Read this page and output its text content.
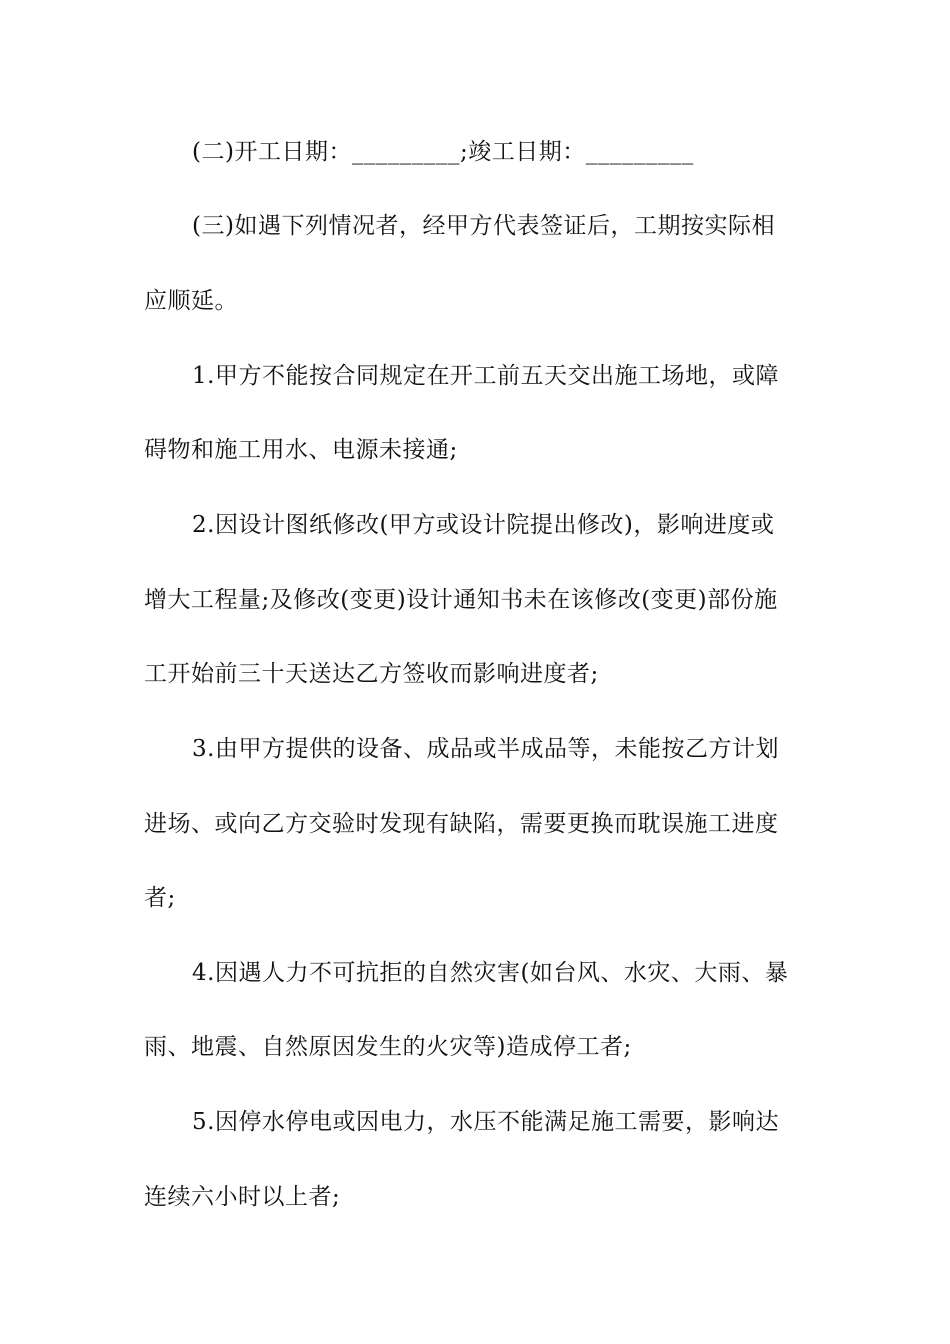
(二)开工日期：_________;竣工日期：_________
(三)如遇下列情况者，经甲方代表签证后，工期按实际相
应顺延。
1.甲方不能按合同规定在开工前五天交出施工场地，或障
碍物和施工用水、电源未接通;
2.因设计图纸修改(甲方或设计院提出修改)，影响进度或
增大工程量;及修改(变更)设计通知书未在该修改(变更)部份施
工开始前三十天送达乙方签收而影响进度者;
3.由甲方提供的设备、成品或半成品等，未能按乙方计划
进场、或向乙方交验时发现有缺陷，需要更换而耽误施工进度
者;
4.因遇人力不可抗拒的自然灾害(如台风、水灾、大雨、暴
雨、地震、自然原因发生的火灾等)造成停工者;
5.因停水停电或因电力，水压不能满足施工需要，影响达
连续六小时以上者;
